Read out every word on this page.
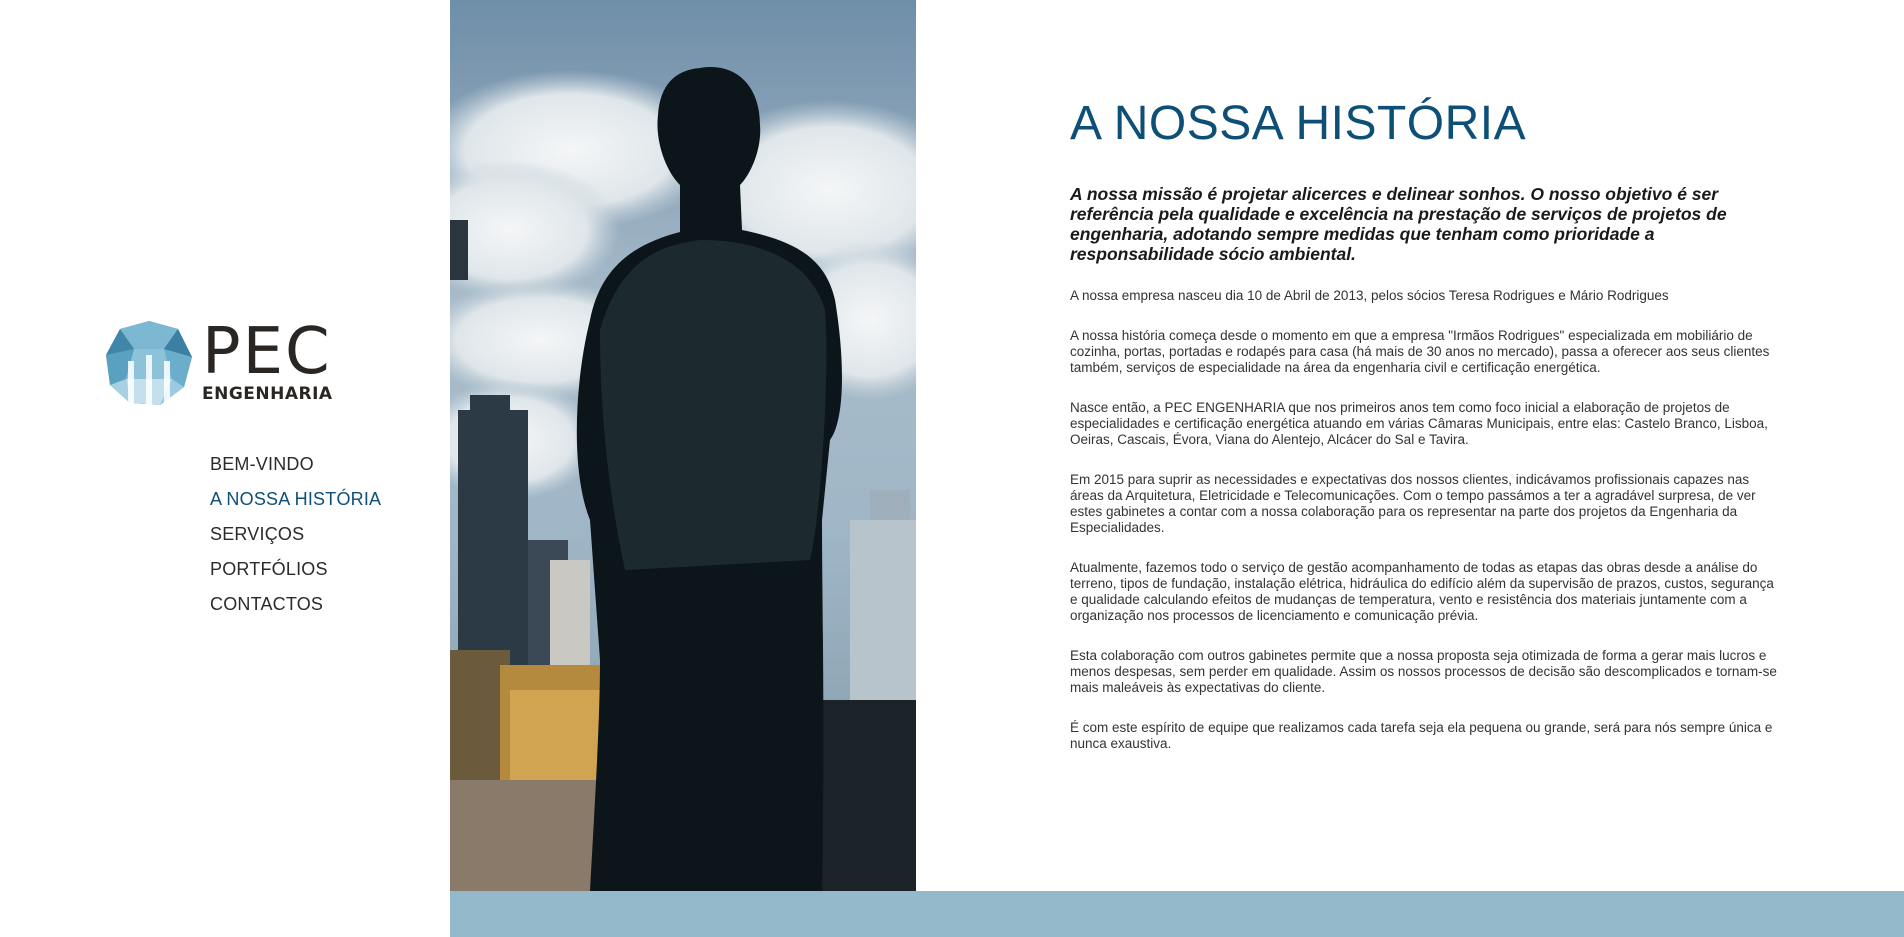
PEC
ENGENHARIA
BEM-VINDO
A NOSSA HISTÓRIA
SERVIÇOS
PORTFÓLIOS
CONTACTOS
A NOSSA HISTÓRIA

A nossa missão é projetar alicerces e delinear sonhos. O nosso objetivo é ser referência pela qualidade e excelência na prestação de serviços de projetos de engenharia, adotando sempre medidas que tenham como prioridade a responsabilidade sócio ambiental.

A nossa empresa nasceu dia 10 de Abril de 2013, pelos sócios Teresa Rodrigues e Mário Rodrigues

A nossa história começa desde o momento em que a empresa "Irmãos Rodrigues" especializada em mobiliário de cozinha, portas, portadas e rodapés para casa (há mais de 30 anos no mercado), passa a oferecer aos seus clientes também, serviços de especialidade na área da engenharia civil e certificação energética.

Nasce então, a PEC ENGENHARIA que nos primeiros anos tem como foco inicial a elaboração de projetos de especialidades e certificação energética atuando em várias Câmaras Municipais, entre elas: Castelo Branco, Lisboa, Oeiras, Cascais, Évora, Viana do Alentejo, Alcácer do Sal e Tavira.

Em 2015 para suprir as necessidades e expectativas dos nossos clientes, indicávamos profissionais capazes nas áreas da Arquitetura, Eletricidade e Telecomunicações. Com o tempo passámos a ter a agradável surpresa, de ver estes gabinetes a contar com a nossa colaboração para os representar na parte dos projetos da Engenharia da Especialidades.

Atualmente, fazemos todo o serviço de gestão acompanhamento de todas as etapas das obras desde a análise do terreno, tipos de fundação, instalação elétrica, hidráulica do edifício além da supervisão de prazos, custos, segurança e qualidade calculando efeitos de mudanças de temperatura, vento e resistência dos materiais juntamente com a organização nos processos de licenciamento e comunicação prévia.

Esta colaboração com outros gabinetes permite que a nossa proposta seja otimizada de forma a gerar mais lucros e menos despesas, sem perder em qualidade. Assim os nossos processos de decisão são descomplicados e tornam-se mais maleáveis às expectativas do cliente.

É com este espírito de equipe que realizamos cada tarefa seja ela pequena ou grande, será para nós sempre única e nunca exaustiva.
